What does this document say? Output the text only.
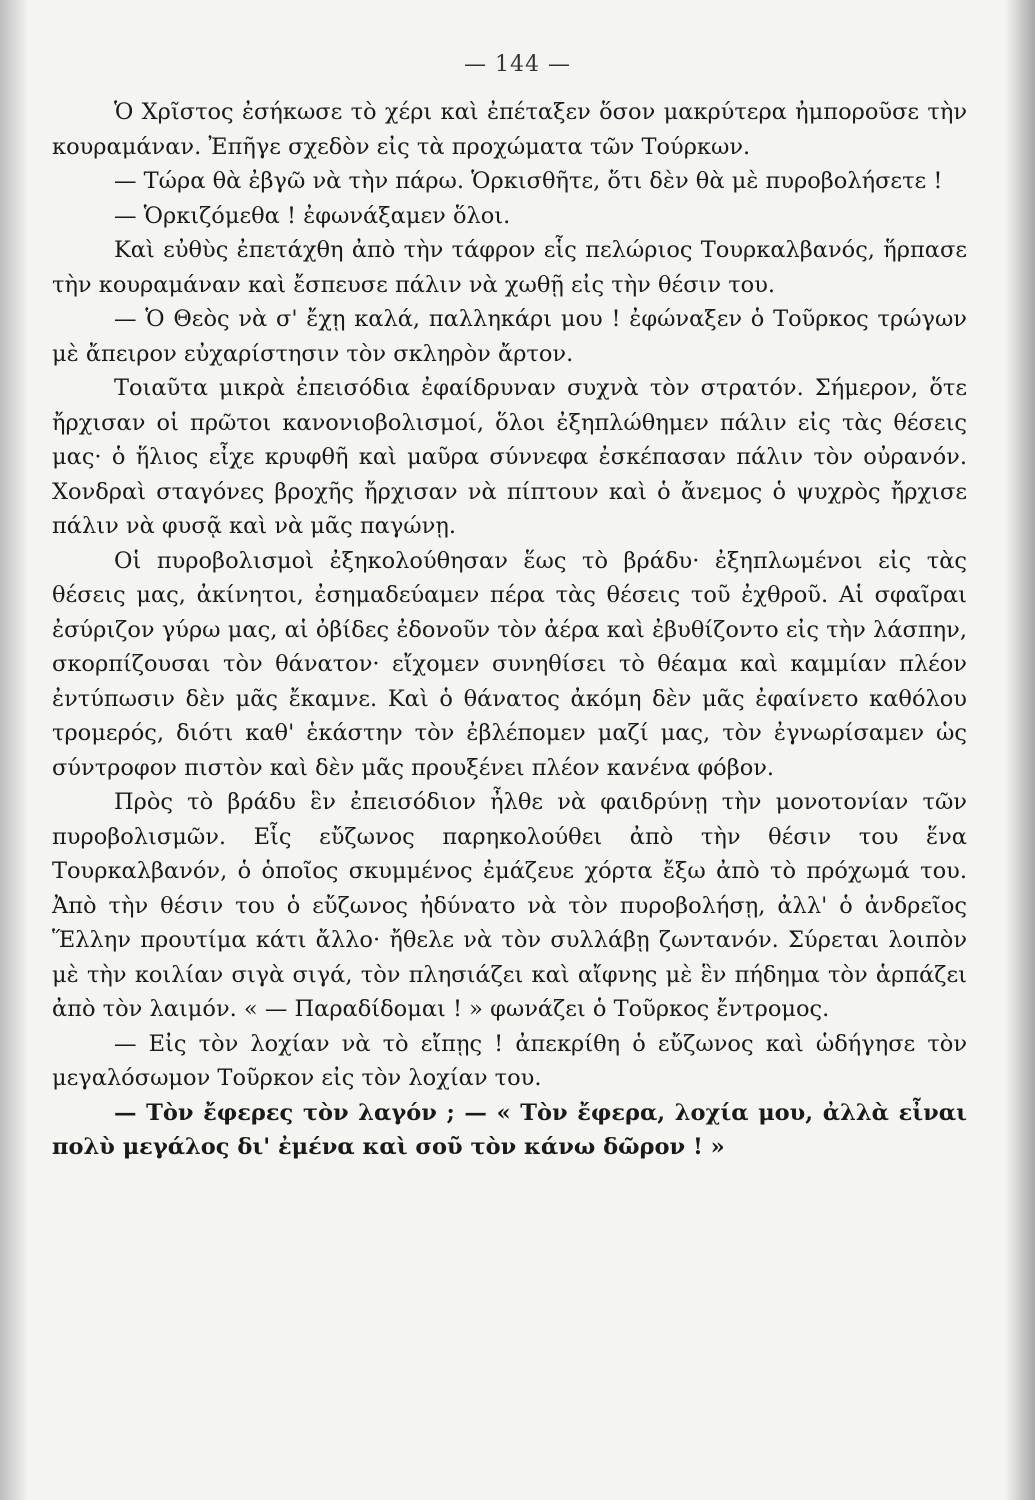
— 144 —

Ὁ Χρῖστος ἐσήκωσε τὸ χέρι καὶ ἐπέταξεν ὅσον μακρύτερα ἠμποροῦσε τὴν κουραμάναν. Ἐπῆγε σχεδὸν εἰς τὰ προχώματα τῶν Τούρκων.

— Τώρα θὰ ἐβγῶ νὰ τὴν πάρω. Ὁρκισθῆτε, ὅτι δὲν θὰ μὲ πυροβολήσετε !

— Ὁρκιζόμεθα ! ἐφωνάξαμεν ὅλοι.

Καὶ εὐθὺς ἐπετάχθη ἀπὸ τὴν τάφρον εἷς πελώριος Τουρκαλβανός, ἥρπασε τὴν κουραμάναν καὶ ἔσπευσε πάλιν νὰ χωθῇ εἰς τὴν θέσιν του.

— Ὁ Θεὸς νὰ σ' ἔχῃ καλά, παλληκάρι μου ! ἐφώναξεν ὁ Τοῦρκος τρώγων μὲ ἄπειρον εὐχαρίστησιν τὸν σκληρὸν ἄρτον.

Τοιαῦτα μικρὰ ἐπεισόδια ἐφαίδρυναν συχνὰ τὸν στρατόν. Σήμερον, ὅτε ἤρχισαν οἱ πρῶτοι κανονιοβολισμοί, ὅλοι ἐξηπλώθημεν πάλιν εἰς τὰς θέσεις μας· ὁ ἥλιος εἶχε κρυφθῆ καὶ μαῦρα σύννεφα ἐσκέπασαν πάλιν τὸν οὐρανόν. Χονδραὶ σταγόνες βροχῆς ἤρχισαν νὰ πίπτουν καὶ ὁ ἄνεμος ὁ ψυχρὸς ἤρχισε πάλιν νὰ φυσᾷ καὶ νὰ μᾶς παγώνῃ.

Οἱ πυροβολισμοὶ ἐξηκολούθησαν ἕως τὸ βράδυ· ἐξηπλωμένοι εἰς τὰς θέσεις μας, ἀκίνητοι, ἐσημαδεύαμεν πέρα τὰς θέσεις τοῦ ἐχθροῦ. Αἱ σφαῖραι ἐσύριζον γύρω μας, αἱ ὀβίδες ἐδονοῦν τὸν ἀέρα καὶ ἐβυθίζοντο εἰς τὴν λάσπην, σκορπίζουσαι τὸν θάνατον· εἴχομεν συνηθίσει τὸ θέαμα καὶ καμμίαν πλέον ἐντύπωσιν δὲν μᾶς ἔκαμνε. Καὶ ὁ θάνατος ἀκόμη δὲν μᾶς ἐφαίνετο καθόλου τρομερός, διότι καθ' ἑκάστην τὸν ἐβλέπομεν μαζί μας, τὸν ἐγνωρίσαμεν ὡς σύντροφον πιστὸν καὶ δὲν μᾶς προυξένει πλέον κανένα φόβον.

Πρὸς τὸ βράδυ ἓν ἐπεισόδιον ἦλθε νὰ φαιδρύνῃ τὴν μονοτονίαν τῶν πυροβολισμῶν. Εἷς εὔζωνος παρηκολούθει ἀπὸ τὴν θέσιν του ἕνα Τουρκαλβανόν, ὁ ὁποῖος σκυμμένος ἐμάζευε χόρτα ἔξω ἀπὸ τὸ πρόχωμά του. Ἀπὸ τὴν θέσιν του ὁ εὔζωνος ἠδύνατο νὰ τὸν πυροβολήσῃ, ἀλλ' ὁ ἀνδρεῖος Ἕλλην προυτίμα κάτι ἄλλο· ἤθελε νὰ τὸν συλλάβῃ ζωντανόν. Σύρεται λοιπὸν μὲ τὴν κοιλίαν σιγὰ σιγά, τὸν πλησιάζει καὶ αἴφνης μὲ ἓν πήδημα τὸν ἁρπάζει ἀπὸ τὸν λαιμόν. « — Παραδίδομαι ! » φωνάζει ὁ Τοῦρκος ἔντρομος.

— Εἰς τὸν λοχίαν νὰ τὸ εἴπῃς ! ἀπεκρίθη ὁ εὔζωνος καὶ ὡδήγησε τὸν μεγαλόσωμον Τοῦρκον εἰς τὸν λοχίαν του.

— Τὸν ἔφερες τὸν λαγόν ; — « Τὸν ἔφερα, λοχία μου, ἀλλὰ εἶναι πολὺ μεγάλος δι' ἐμένα καὶ σοῦ τὸν κάνω δῶρον ! »
